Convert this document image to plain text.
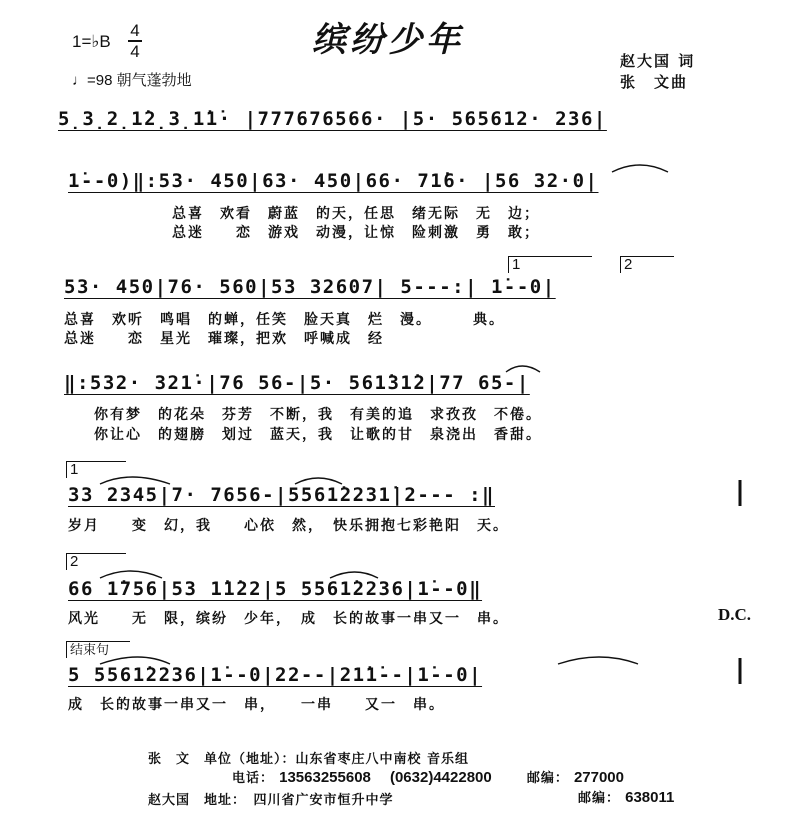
缤纷少年
1=♭B
4
4
♩=98 朝气蓬勃地
赵大国 词
张　文曲
5̣3̣2̣1̇2̣3̣1̇1̇· |777676566· |5· 565612· 236|
1̇--0)‖:53· 450|63· 450|66· 71̇6· |56 32·0|
总喜　欢看　蔚蓝　的天，任思　绪无际　无　边；
总迷　　恋　游戏　动漫，让惊　险刺激　勇　敢；
1	2
53· 450|76· 560|53 32607| 5---:| 1̇--0|
总喜　欢听　鸣唱　的蝉，任笑　脸天真　烂　漫。　　　典。
总迷　　恋　星光　璀璨，把欢　呼喊成　经
‖:532· 321̇·|76 56-|5· 561̇31̇2|77 65-|
你有梦　的花朵　芬芳　不断，我　有美的追　求孜孜　不倦。
你让心　的翅膀　划过　蓝天，我　让歌的甘　泉浇出　香甜。
1
33 2345|7· 7656-|5561̇2231̇|2--- :‖
岁月　　变　幻，我　　心依　然，　快乐拥抱七彩艳阳　天。
2
66 1̇756|53 1̇1̇22|5 5561̇2236|1̇--0‖
风光　　无　限，缤纷　少年，　成　长的故事一串又一　串。	D.C.
结束句
5 5561̇2236|1̇--0|22--|21̇1̇--|1̇--0|
成　长的故事一串又一　串，　　一串　　又一　串。
张　文　单位（地址）：山东省枣庄八中南校 音乐组
电话： 13563255608 (0632)4422800	邮编： 277000
赵大国　地址：　四川省广安市恒升中学	邮编： 638011
